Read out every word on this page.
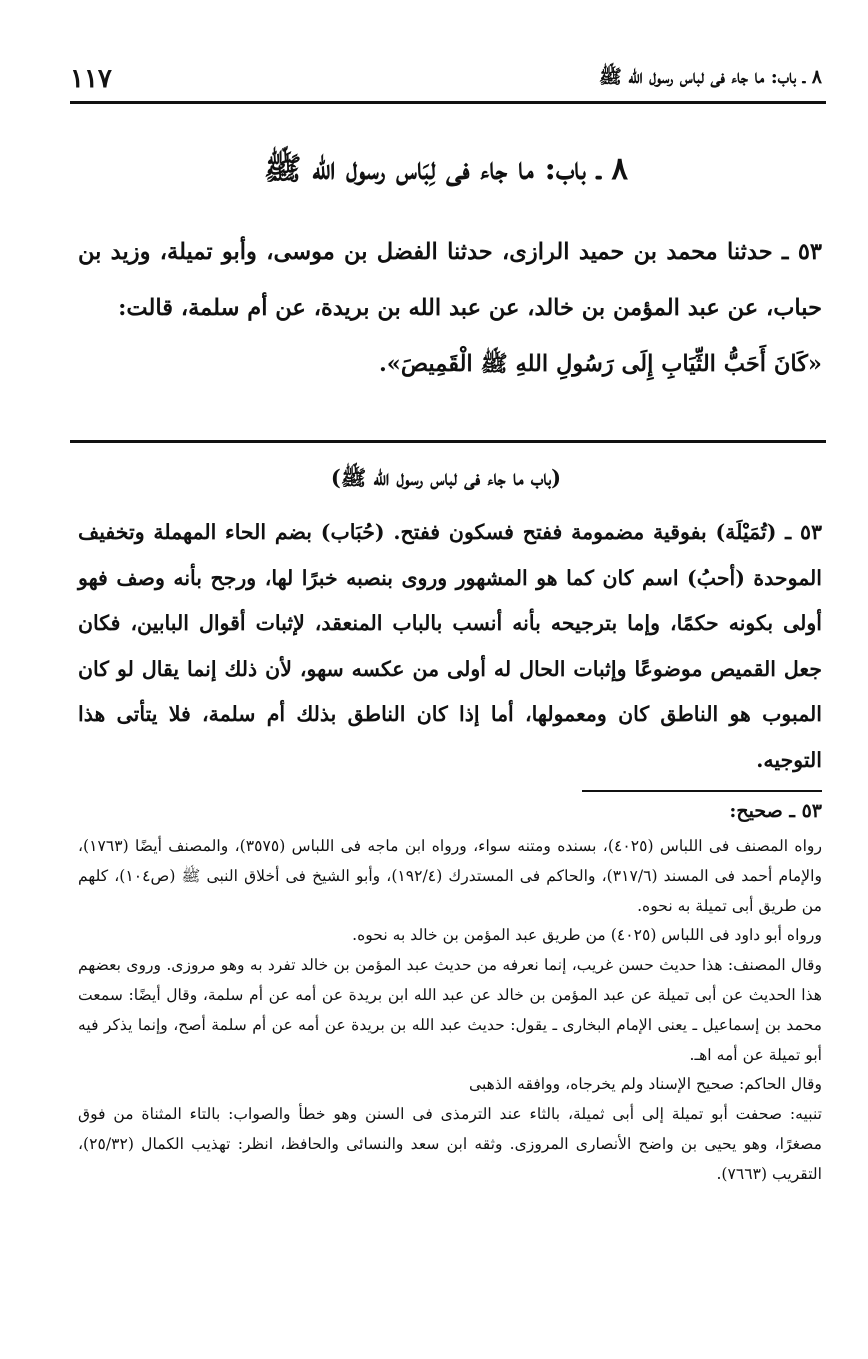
٨ ـ باب: ما جاء فى لباس رسول الله ﷺ
١١٧
٨ ـ باب: ما جاء فى لِبَاس رسول الله ﷺ

٥٣ ـ حدثنا محمد بن حميد الرازى، حدثنا الفضل بن موسى، وأبو تميلة، وزيد بن حباب، عن عبد المؤمن بن خالد، عن عبد الله بن بريدة، عن أم سلمة، قالت:

«كَانَ أَحَبُّ الثِّيَابِ إِلَى رَسُولِ اللهِ ﷺ الْقَمِيصَ».

(باب ما جاء فى لباس رسول الله ﷺ)

٥٣ ـ (تُمَيْلَة) بفوقية مضمومة ففتح فسكون ففتح. (حُبَاب) بضم الحاء المهملة وتخفيف الموحدة (أحبُ) اسم كان كما هو المشهور وروى بنصبه خبرًا لها، ورجح بأنه وصف فهو أولى بكونه حكمًا، وإما بترجيحه بأنه أنسب بالباب المنعقد، لإثبات أقوال البابين، فكان جعل القميص موضوعًا وإثبات الحال له أولى من عكسه سهو، لأن ذلك إنما يقال لو كان المبوب هو الناطق كان ومعمولها، أما إذا كان الناطق بذلك أم سلمة، فلا يتأتى هذا التوجيه.

٥٣ ـ صحيح:

رواه المصنف فى اللباس (٤٠٢٥)، بسنده ومتنه سواء، ورواه ابن ماجه فى اللباس (٣٥٧٥)، والمصنف أيضًا (١٧٦٣)، والإمام أحمد فى المسند (٣١٧/٦)، والحاكم فى المستدرك (١٩٢/٤)، وأبو الشيخ فى أخلاق النبى ﷺ (ص١٠٤)، كلهم من طريق أبى تميلة به نحوه.

ورواه أبو داود فى اللباس (٤٠٢٥) من طريق عبد المؤمن بن خالد به نحوه.

وقال المصنف: هذا حديث حسن غريب، إنما نعرفه من حديث عبد المؤمن بن خالد تفرد به وهو مروزى. وروى بعضهم هذا الحديث عن أبى تميلة عن عبد المؤمن بن خالد عن عبد الله ابن بريدة عن أمه عن أم سلمة، وقال أيضًا: سمعت محمد بن إسماعيل ـ يعنى الإمام البخارى ـ يقول: حديث عبد الله بن بريدة عن أمه عن أم سلمة أصح، وإنما يذكر فيه أبو تميلة عن أمه اهـ.

وقال الحاكم: صحيح الإسناد ولم يخرجاه، ووافقه الذهبى

تنبيه: صحفت أبو تميلة إلى أبى ثميلة، بالثاء عند الترمذى فى السنن وهو خطأ والصواب: بالتاء المثناة من فوق مصغرًا، وهو يحيى بن واضح الأنصارى المروزى. وثقه ابن سعد والنسائى والحافظ، انظر: تهذيب الكمال (٢٥/٣٢)، التقريب (٧٦٦٣).
